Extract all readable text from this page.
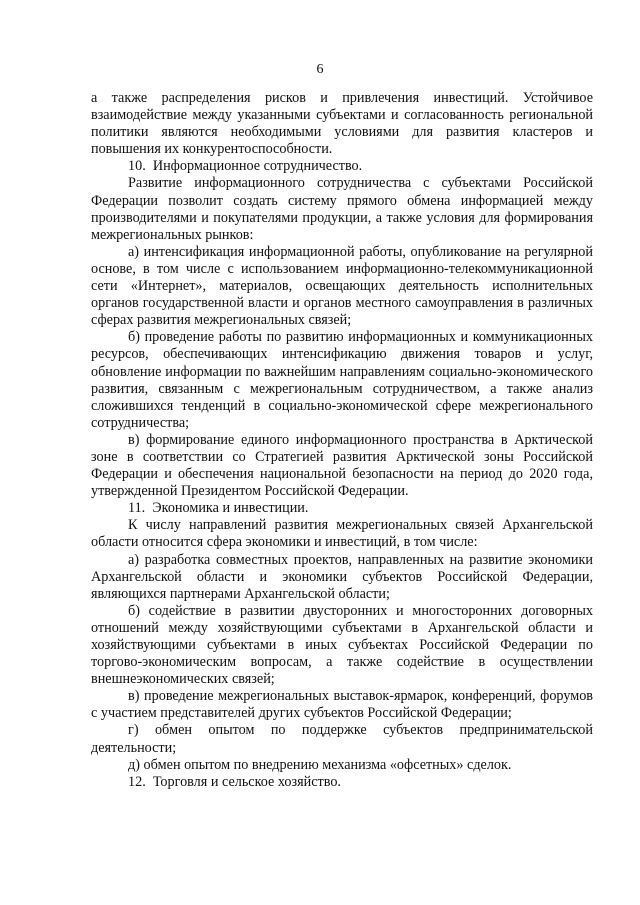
6

а также распределения рисков и привлечения инвестиций. Устойчивое взаимодействие между указанными субъектами и согласованность региональной политики являются необходимыми условиями для развития кластеров и повышения их конкурентоспособности.

10.  Информационное сотрудничество.

Развитие информационного сотрудничества с субъектами Российской Федерации позволит создать систему прямого обмена информацией между производителями и покупателями продукции, а также условия для формирования межрегиональных рынков:

а) интенсификация информационной работы, опубликование на регулярной основе, в том числе с использованием информационно-телекоммуникационной сети «Интернет», материалов, освещающих деятельность исполнительных органов государственной власти и органов местного самоуправления в различных сферах развития межрегиональных связей;

б) проведение работы по развитию информационных и коммуникационных ресурсов, обеспечивающих интенсификацию движения товаров и услуг, обновление информации по важнейшим направлениям социально-экономического развития, связанным с межрегиональным сотрудничеством, а также анализ сложившихся тенденций в социально-экономической сфере межрегионального сотрудничества;

в) формирование единого информационного пространства в Арктической зоне в соответствии со Стратегией развития Арктической зоны Российской Федерации и обеспечения национальной безопасности на период до 2020 года, утвержденной Президентом Российской Федерации.

11.  Экономика и инвестиции.

К числу направлений развития межрегиональных связей Архангельской области относится сфера экономики и инвестиций, в том числе:

а) разработка совместных проектов, направленных на развитие экономики Архангельской области и экономики субъектов Российской Федерации, являющихся партнерами Архангельской области;

б) содействие в развитии двусторонних и многосторонних договорных отношений между хозяйствующими субъектами в Архангельской области и хозяйствующими субъектами в иных субъектах Российской Федерации по торгово-экономическим вопросам, а также содействие в осуществлении внешнеэкономических связей;

в) проведение межрегиональных выставок-ярмарок, конференций, форумов с участием представителей других субъектов Российской Федерации;

г) обмен опытом по поддержке субъектов предпринимательской деятельности;

д) обмен опытом по внедрению механизма «офсетных» сделок.

12.  Торговля и сельское хозяйство.
